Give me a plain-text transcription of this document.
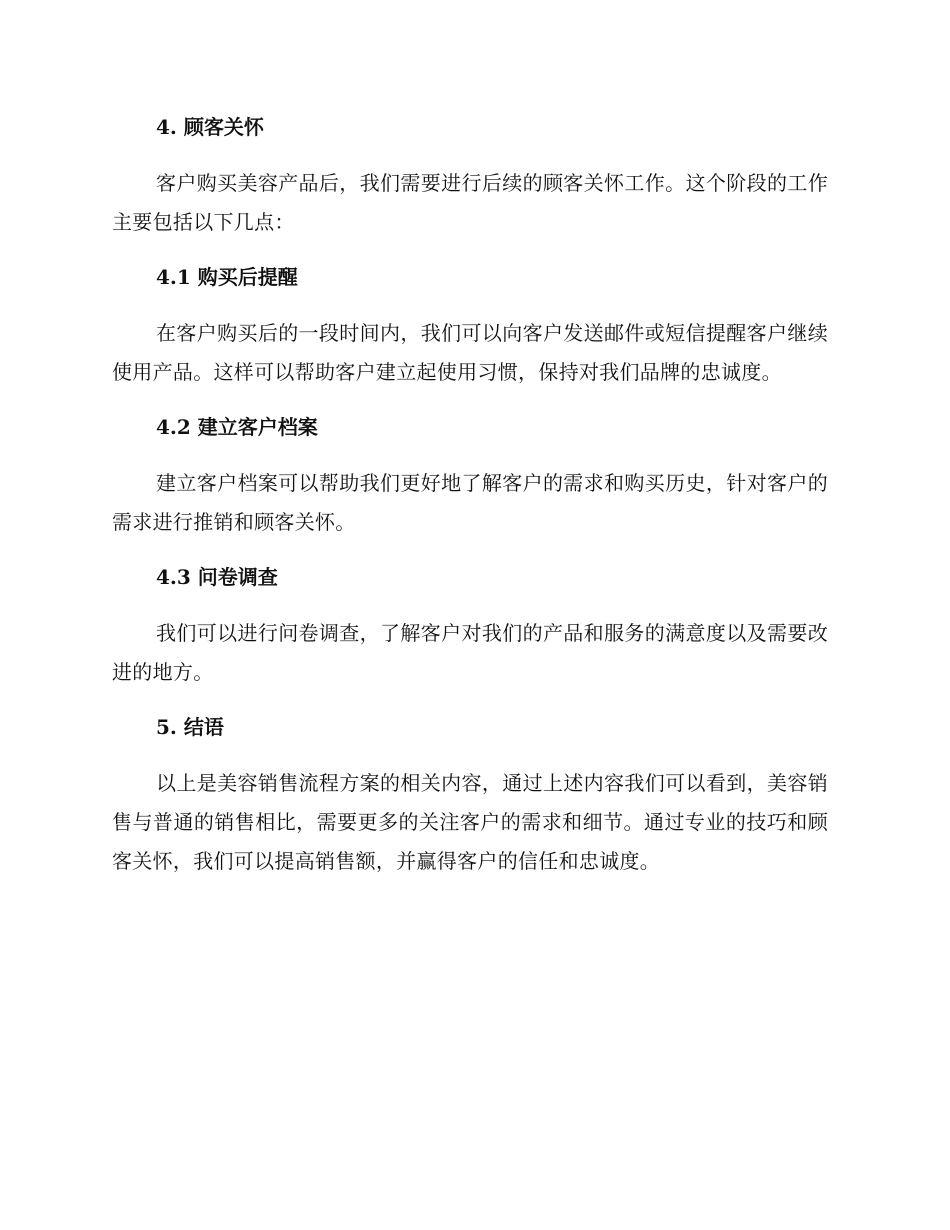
4. 顾客关怀

客户购买美容产品后，我们需要进行后续的顾客关怀工作。这个阶段的工作主要包括以下几点：

4.1 购买后提醒

在客户购买后的一段时间内，我们可以向客户发送邮件或短信提醒客户继续使用产品。这样可以帮助客户建立起使用习惯，保持对我们品牌的忠诚度。

4.2 建立客户档案

建立客户档案可以帮助我们更好地了解客户的需求和购买历史，针对客户的需求进行推销和顾客关怀。

4.3 问卷调查

我们可以进行问卷调查，了解客户对我们的产品和服务的满意度以及需要改进的地方。

5. 结语

以上是美容销售流程方案的相关内容，通过上述内容我们可以看到，美容销售与普通的销售相比，需要更多的关注客户的需求和细节。通过专业的技巧和顾客关怀，我们可以提高销售额，并赢得客户的信任和忠诚度。
